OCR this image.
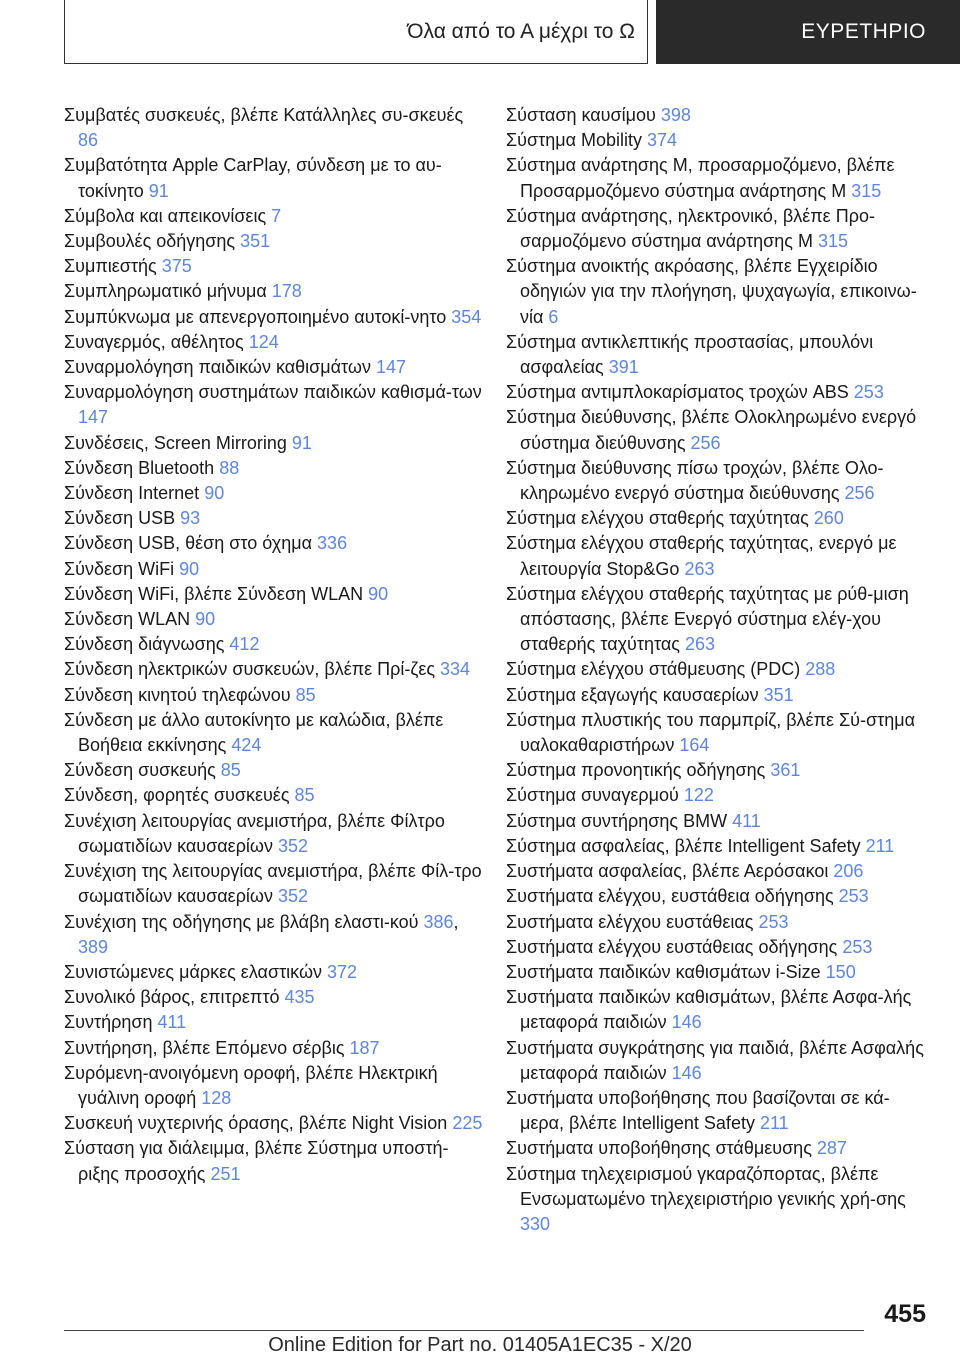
Όλα από το Α μέχρι το Ω	ΕΥΡΕΤΗΡΙΟ
Συμβατές συσκευές, βλέπε Κατάλληλες συ-σκευές 86
Συμβατότητα Apple CarPlay, σύνδεση με το αυ-τοκίνητο 91
Σύμβολα και απεικονίσεις 7
Συμβουλές οδήγησης 351
Συμπιεστής 375
Συμπληρωματικό μήνυμα 178
Συμπύκνωμα με απενεργοποιημένο αυτοκί-νητο 354
Συναγερμός, αθέλητος 124
Συναρμολόγηση παιδικών καθισμάτων 147
Συναρμολόγηση συστημάτων παιδικών καθισμά-των 147
Συνδέσεις, Screen Mirroring 91
Σύνδεση Bluetooth 88
Σύνδεση Internet 90
Σύνδεση USB 93
Σύνδεση USB, θέση στο όχημα 336
Σύνδεση WiFi 90
Σύνδεση WiFi, βλέπε Σύνδεση WLAN 90
Σύνδεση WLAN 90
Σύνδεση διάγνωσης 412
Σύνδεση ηλεκτρικών συσκευών, βλέπε Πρί-ζες 334
Σύνδεση κινητού τηλεφώνου 85
Σύνδεση με άλλο αυτοκίνητο με καλώδια, βλέπε Βοήθεια εκκίνησης 424
Σύνδεση συσκευής 85
Σύνδεση, φορητές συσκευές 85
Συνέχιση λειτουργίας ανεμιστήρα, βλέπε Φίλτρο σωματιδίων καυσαερίων 352
Συνέχιση της λειτουργίας ανεμιστήρα, βλέπε Φίλ-τρο σωματιδίων καυσαερίων 352
Συνέχιση της οδήγησης με βλάβη ελαστι-κού 386, 389
Συνιστώμενες μάρκες ελαστικών 372
Συνολικό βάρος, επιτρεπτό 435
Συντήρηση 411
Συντήρηση, βλέπε Επόμενο σέρβις 187
Συρόμενη-ανοιγόμενη οροφή, βλέπε Ηλεκτρική γυάλινη οροφή 128
Συσκευή νυχτερινής όρασης, βλέπε Night Vision 225
Σύσταση για διάλειμμα, βλέπε Σύστημα υποστή-ριξης προσοχής 251
Σύσταση καυσίμου 398
Σύστημα Mobility 374
Σύστημα ανάρτησης M, προσαρμοζόμενο, βλέπε Προσαρμοζόμενο σύστημα ανάρτησης M 315
Σύστημα ανάρτησης, ηλεκτρονικό, βλέπε Προ-σαρμοζόμενο σύστημα ανάρτησης M 315
Σύστημα ανοικτής ακρόασης, βλέπε Εγχειρίδιο οδηγιών για την πλοήγηση, ψυχαγωγία, επικοινω-νία 6
Σύστημα αντικλεπτικής προστασίας, μπουλόνι ασφαλείας 391
Σύστημα αντιμπλοκαρίσματος τροχών ABS 253
Σύστημα διεύθυνσης, βλέπε Ολοκληρωμένο ενεργό σύστημα διεύθυνσης 256
Σύστημα διεύθυνσης πίσω τροχών, βλέπε Ολο-κληρωμένο ενεργό σύστημα διεύθυνσης 256
Σύστημα ελέγχου σταθερής ταχύτητας 260
Σύστημα ελέγχου σταθερής ταχύτητας, ενεργό με λειτουργία Stop&Go 263
Σύστημα ελέγχου σταθερής ταχύτητας με ρύθ-μιση απόστασης, βλέπε Ενεργό σύστημα ελέγ-χου σταθερής ταχύτητας 263
Σύστημα ελέγχου στάθμευσης (PDC) 288
Σύστημα εξαγωγής καυσαερίων 351
Σύστημα πλυστικής του παρμπρίζ, βλέπε Σύ-στημα υαλοκαθαριστήρων 164
Σύστημα προνοητικής οδήγησης 361
Σύστημα συναγερμού 122
Σύστημα συντήρησης BMW 411
Σύστημα ασφαλείας, βλέπε Intelligent Safety 211
Συστήματα ασφαλείας, βλέπε Αερόσακοι 206
Συστήματα ελέγχου, ευστάθεια οδήγησης 253
Συστήματα ελέγχου ευστάθειας 253
Συστήματα ελέγχου ευστάθειας οδήγησης 253
Συστήματα παιδικών καθισμάτων i-Size 150
Συστήματα παιδικών καθισμάτων, βλέπε Ασφα-λής μεταφορά παιδιών 146
Συστήματα συγκράτησης για παιδιά, βλέπε Ασφαλής μεταφορά παιδιών 146
Συστήματα υποβοήθησης που βασίζονται σε κά-μερα, βλέπε Intelligent Safety 211
Συστήματα υποβοήθησης στάθμευσης 287
Σύστημα τηλεχειρισμού γκαραζόπορτας, βλέπε Ενσωματωμένο τηλεχειριστήριο γενικής χρή-σης 330
455
Online Edition for Part no. 01405A1EC35 - X/20
